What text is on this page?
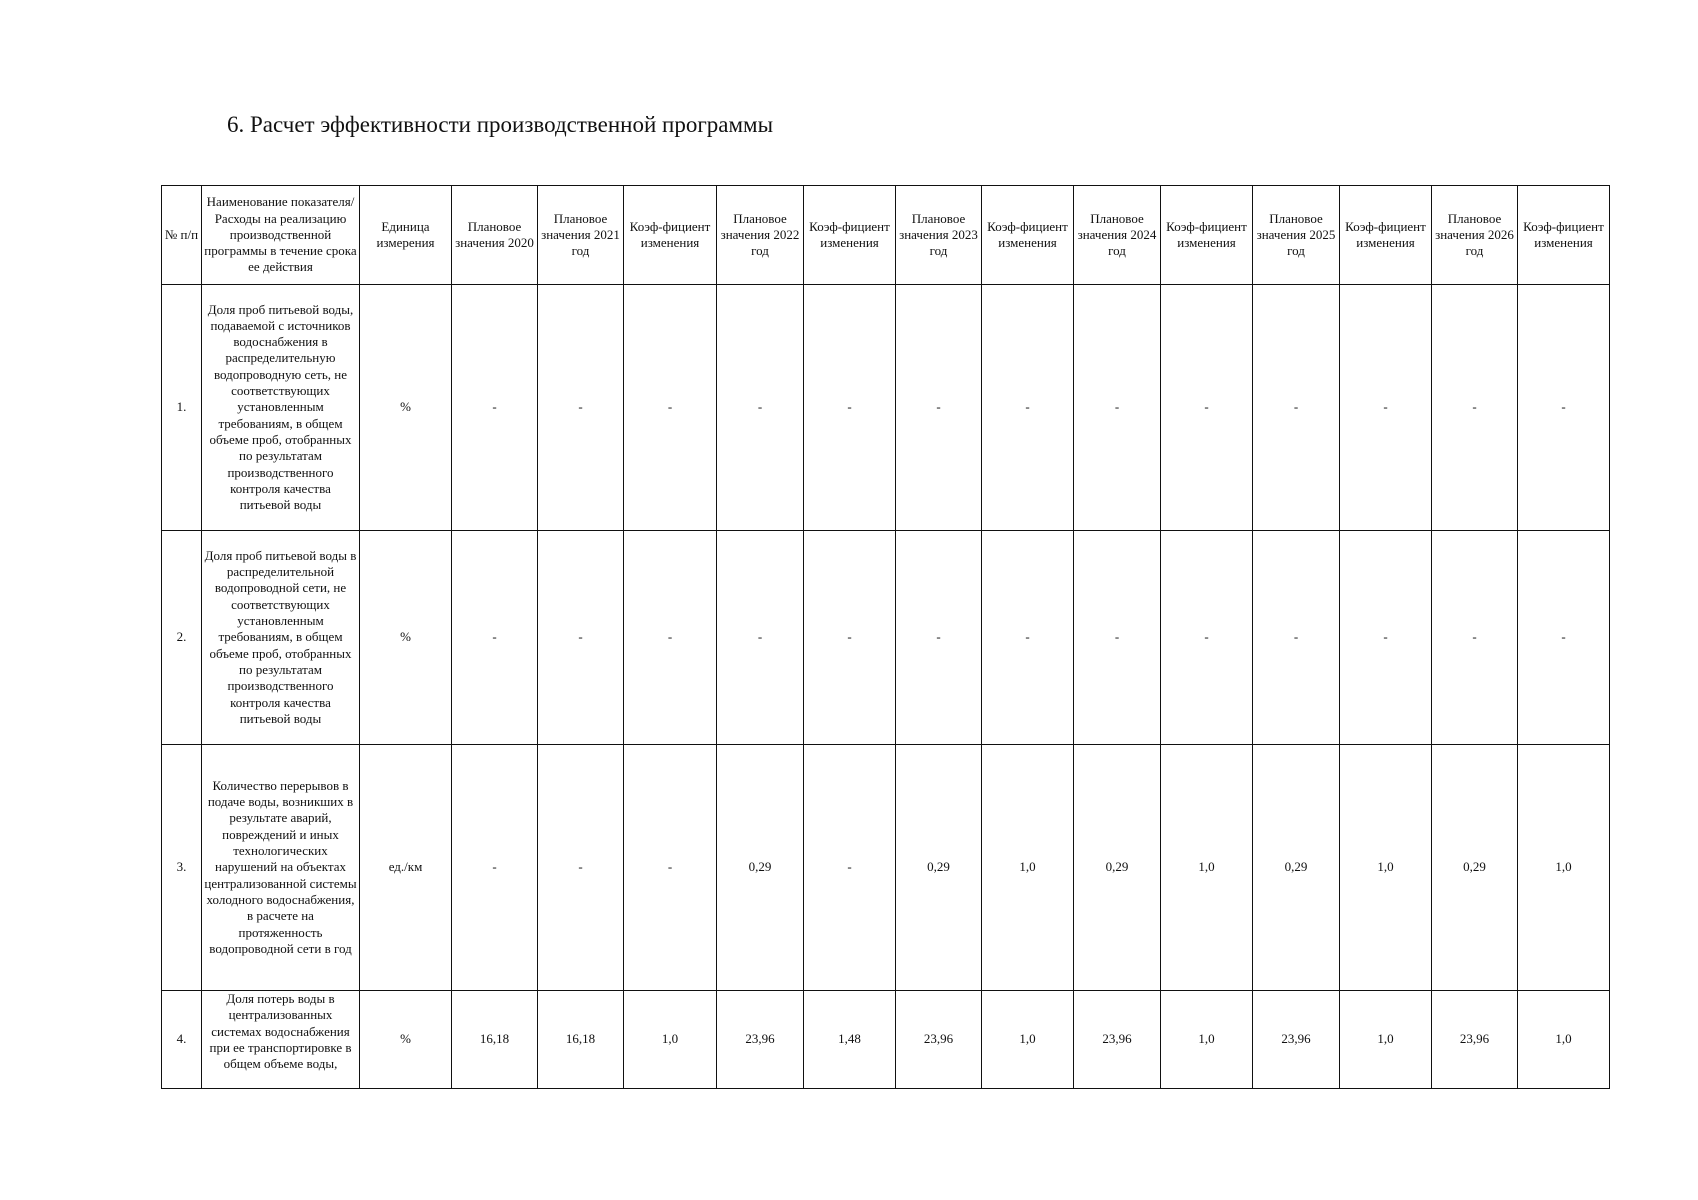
6. Расчет эффективности производственной программы
№ п/п	Наименование показателя/Расходы на реализацию производственной программы в течение срока ее действия	Единица измерения	Плановое значения 2020	Плановое значения 2021 год	Коэф-фициент изменения	Плановое значения 2022 год	Коэф-фициент изменения	Плановое значения 2023 год	Коэф-фициент изменения	Плановое значения 2024 год	Коэф-фициент изменения	Плановое значения 2025 год	Коэф-фициент изменения	Плановое значения 2026 год	Коэф-фициент изменения
1.	Доля проб питьевой воды, подаваемой с источников водоснабжения в распределительную водопроводную сеть, не соответствующих установленным требованиям, в общем объеме проб, отобранных по результатам производственного контроля качества питьевой воды	%	-	-	-	-	-	-	-	-	-	-	-	-	-
2.	Доля проб питьевой воды в распределительной водопроводной сети, не соответствующих установленным требованиям, в общем объеме проб, отобранных по результатам производственного контроля качества питьевой воды	%	-	-	-	-	-	-	-	-	-	-	-	-	-
3.	Количество перерывов в подаче воды, возникших в результате аварий, повреждений и иных технологических нарушений на объектах централизованной системы холодного водоснабжения, в расчете на протяженность водопроводной сети в год	ед./км	-	-	-	0,29	-	0,29	1,0	0,29	1,0	0,29	1,0	0,29	1,0
4.	Доля потерь воды в централизованных системах водоснабжения при ее транспортировке в общем объеме воды,	%	16,18	16,18	1,0	23,96	1,48	23,96	1,0	23,96	1,0	23,96	1,0	23,96	1,0
